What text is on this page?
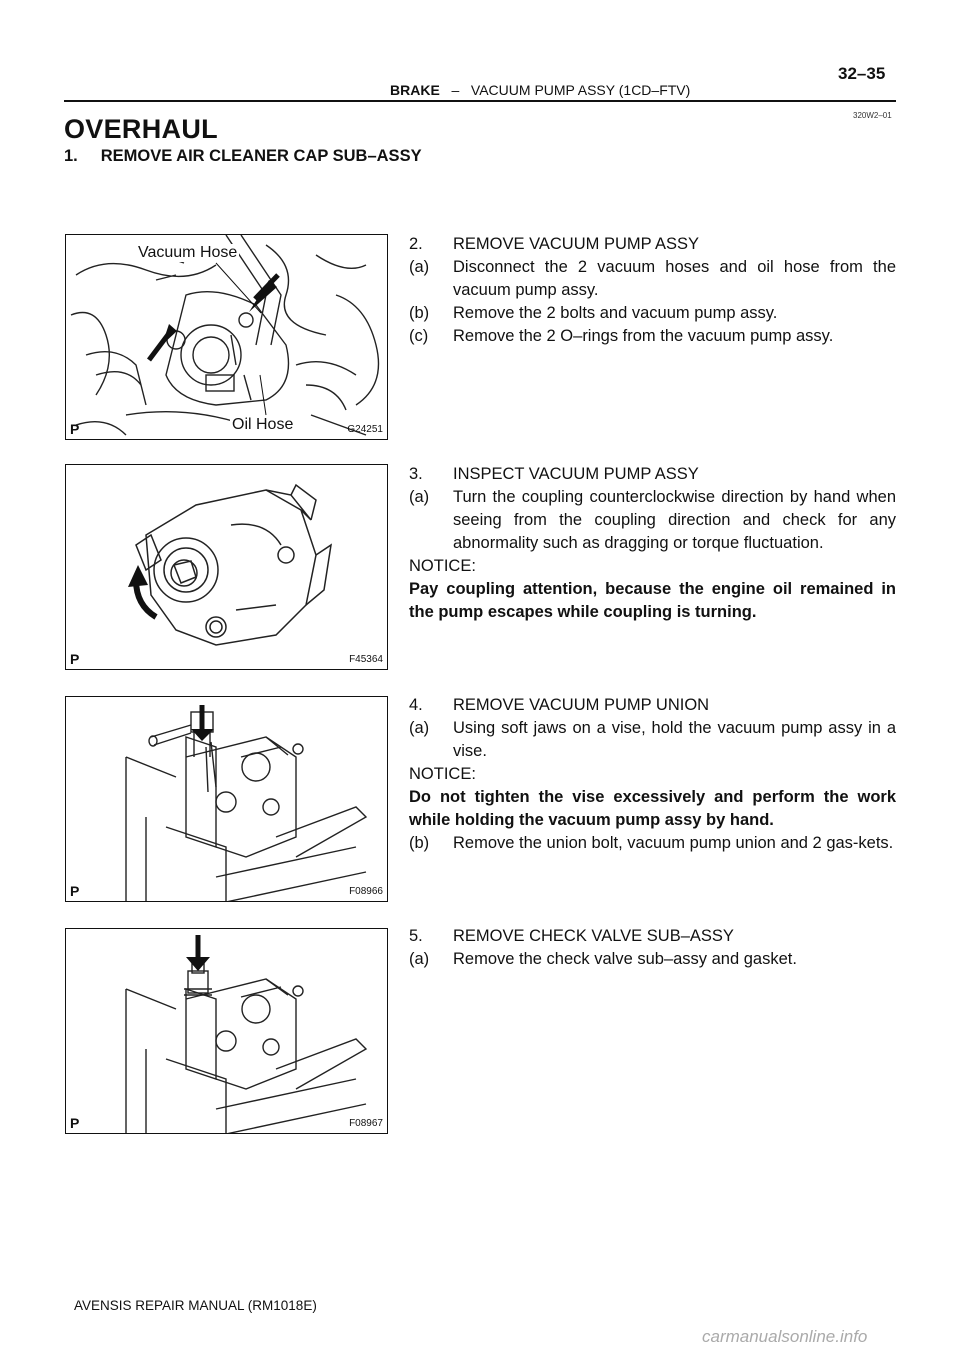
BRAKE – VACUUM PUMP ASSY (1CD–FTV)
32–35
320W2–01
OVERHAUL
1. REMOVE AIR CLEANER CAP SUB–ASSY
Vacuum Hose
Oil Hose
P	G24251
P	F45364
P	F08966
P	F08967
2. REMOVE VACUUM PUMP ASSY
(a) Disconnect the 2 vacuum hoses and oil hose from the vacuum pump assy.
(b) Remove the 2 bolts and vacuum pump assy.
(c) Remove the 2 O–rings from the vacuum pump assy.
3. INSPECT VACUUM PUMP ASSY
(a) Turn the coupling counterclockwise direction by hand when seeing from the coupling direction and check for any abnormality such as dragging or torque fluctuation.
NOTICE:
Pay coupling attention, because the engine oil remained in the pump escapes while coupling is turning.
4. REMOVE VACUUM PUMP UNION
(a) Using soft jaws on a vise, hold the vacuum pump assy in a vise.
NOTICE:
Do not tighten the vise excessively and perform the work while holding the vacuum pump assy by hand.
(b) Remove the union bolt, vacuum pump union and 2 gas-kets.
5. REMOVE CHECK VALVE SUB–ASSY
(a) Remove the check valve sub–assy and gasket.
AVENSIS REPAIR MANUAL (RM1018E)
carmanualsonline.info
